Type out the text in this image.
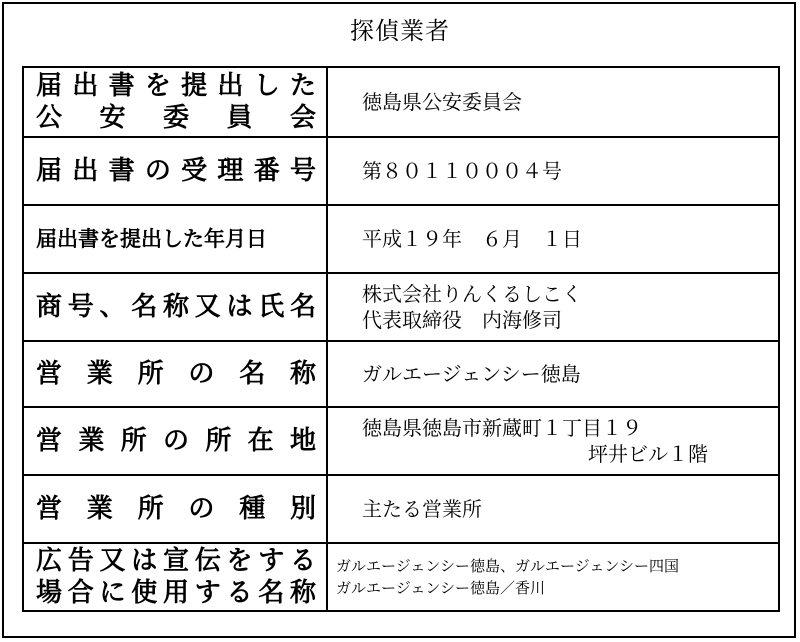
探偵業者
届出書を提出した
公　安　委　員　会	徳島県公安委員会

届出書の受理番号	第８０１１０００４号

届出書を提出した年月日	平成１９年　６月　１日

商号、名称又は氏名	株式会社りんくるしこく
代表取締役　内海修司

営業所の名称	ガルエージェンシー徳島

営業所の所在地	徳島県徳島市新蔵町１丁目１９
坪井ビル１階

営業所の種別	主たる営業所

広告又は宣伝をする
場合に使用する名称	ガルエージェンシー徳島、ガルエージェンシー四国
ガルエージェンシー徳島／香川
